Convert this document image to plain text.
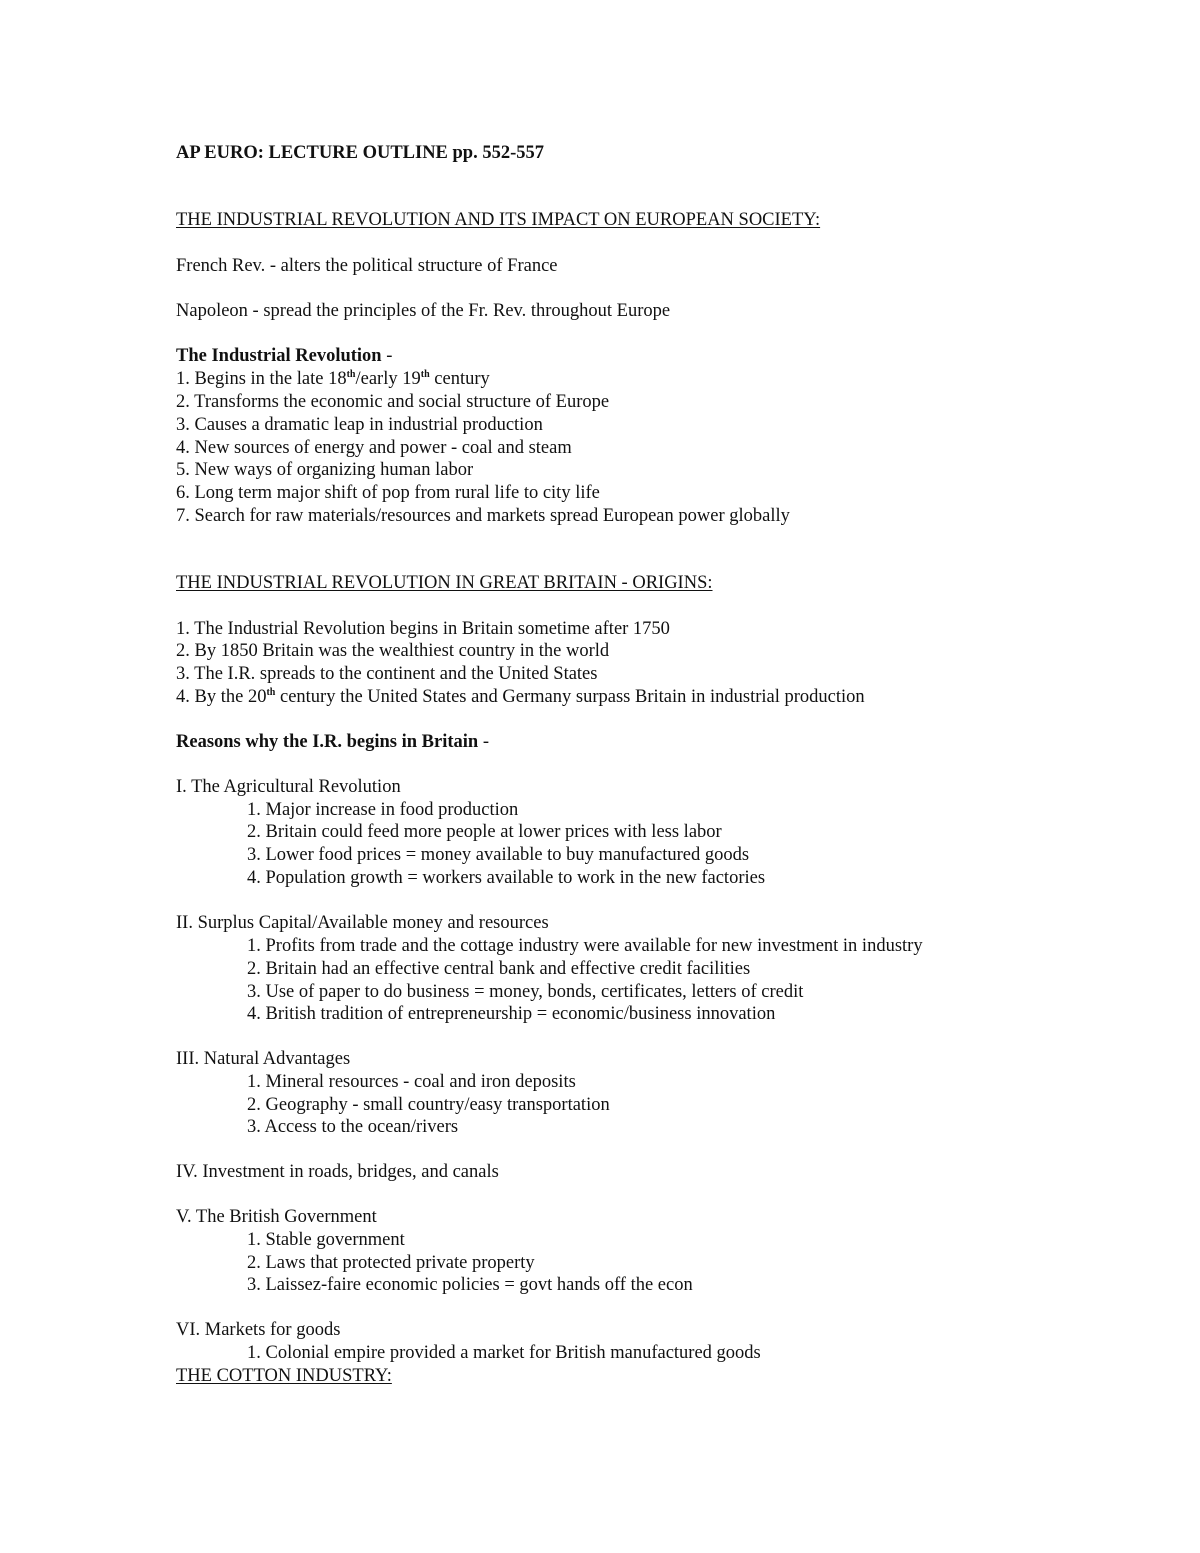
AP EURO: LECTURE OUTLINE pp. 552-557
THE INDUSTRIAL REVOLUTION AND ITS IMPACT ON EUROPEAN SOCIETY:
French Rev. - alters the political structure of France
Napoleon - spread the principles of the Fr. Rev. throughout Europe
The Industrial Revolution -
1. Begins in the late 18th/early 19th century
2. Transforms the economic and social structure of Europe
3. Causes a dramatic leap in industrial production
4. New sources of energy and power - coal and steam
5. New ways of organizing human labor
6. Long term major shift of pop from rural life to city life
7. Search for raw materials/resources and markets spread European power globally
THE INDUSTRIAL REVOLUTION IN GREAT BRITAIN - ORIGINS:
1. The Industrial Revolution begins in Britain sometime after 1750
2. By 1850 Britain was the wealthiest country in the world
3. The I.R. spreads to the continent and the United States
4. By the 20th century the United States and Germany surpass Britain in industrial production
Reasons why the I.R. begins in Britain -
I. The Agricultural Revolution
1. Major increase in food production
2. Britain could feed more people at lower prices with less labor
3. Lower food prices = money available to buy manufactured goods
4. Population growth = workers available to work in the new factories
II. Surplus Capital/Available money and resources
1. Profits from trade and the cottage industry were available for new investment in industry
2. Britain had an effective central bank and effective credit facilities
3. Use of paper to do business = money, bonds, certificates, letters of credit
4. British tradition of entrepreneurship = economic/business innovation
III. Natural Advantages
1. Mineral resources - coal and iron deposits
2. Geography - small country/easy transportation
3. Access to the ocean/rivers
IV. Investment in roads, bridges, and canals
V. The British Government
1. Stable government
2. Laws that protected private property
3. Laissez-faire economic policies = govt hands off the econ
VI. Markets for goods
1. Colonial empire provided a market for British manufactured goods
THE COTTON INDUSTRY:
